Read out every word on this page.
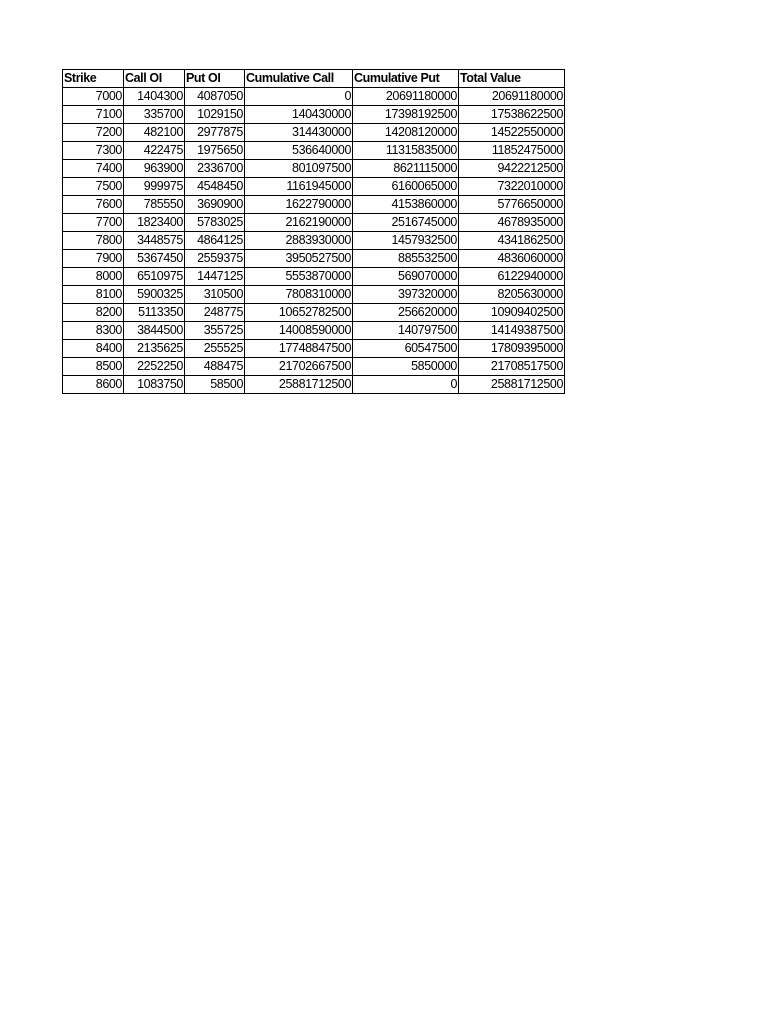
Strike	Call OI	Put OI	Cumulative Call	Cumulative Put	Total Value
7000	1404300	4087050	0	20691180000	20691180000
7100	335700	1029150	140430000	17398192500	17538622500
7200	482100	2977875	314430000	14208120000	14522550000
7300	422475	1975650	536640000	11315835000	11852475000
7400	963900	2336700	801097500	8621115000	9422212500
7500	999975	4548450	1161945000	6160065000	7322010000
7600	785550	3690900	1622790000	4153860000	5776650000
7700	1823400	5783025	2162190000	2516745000	4678935000
7800	3448575	4864125	2883930000	1457932500	4341862500
7900	5367450	2559375	3950527500	885532500	4836060000
8000	6510975	1447125	5553870000	569070000	6122940000
8100	5900325	310500	7808310000	397320000	8205630000
8200	5113350	248775	10652782500	256620000	10909402500
8300	3844500	355725	14008590000	140797500	14149387500
8400	2135625	255525	17748847500	60547500	17809395000
8500	2252250	488475	21702667500	5850000	21708517500
8600	1083750	58500	25881712500	0	25881712500
